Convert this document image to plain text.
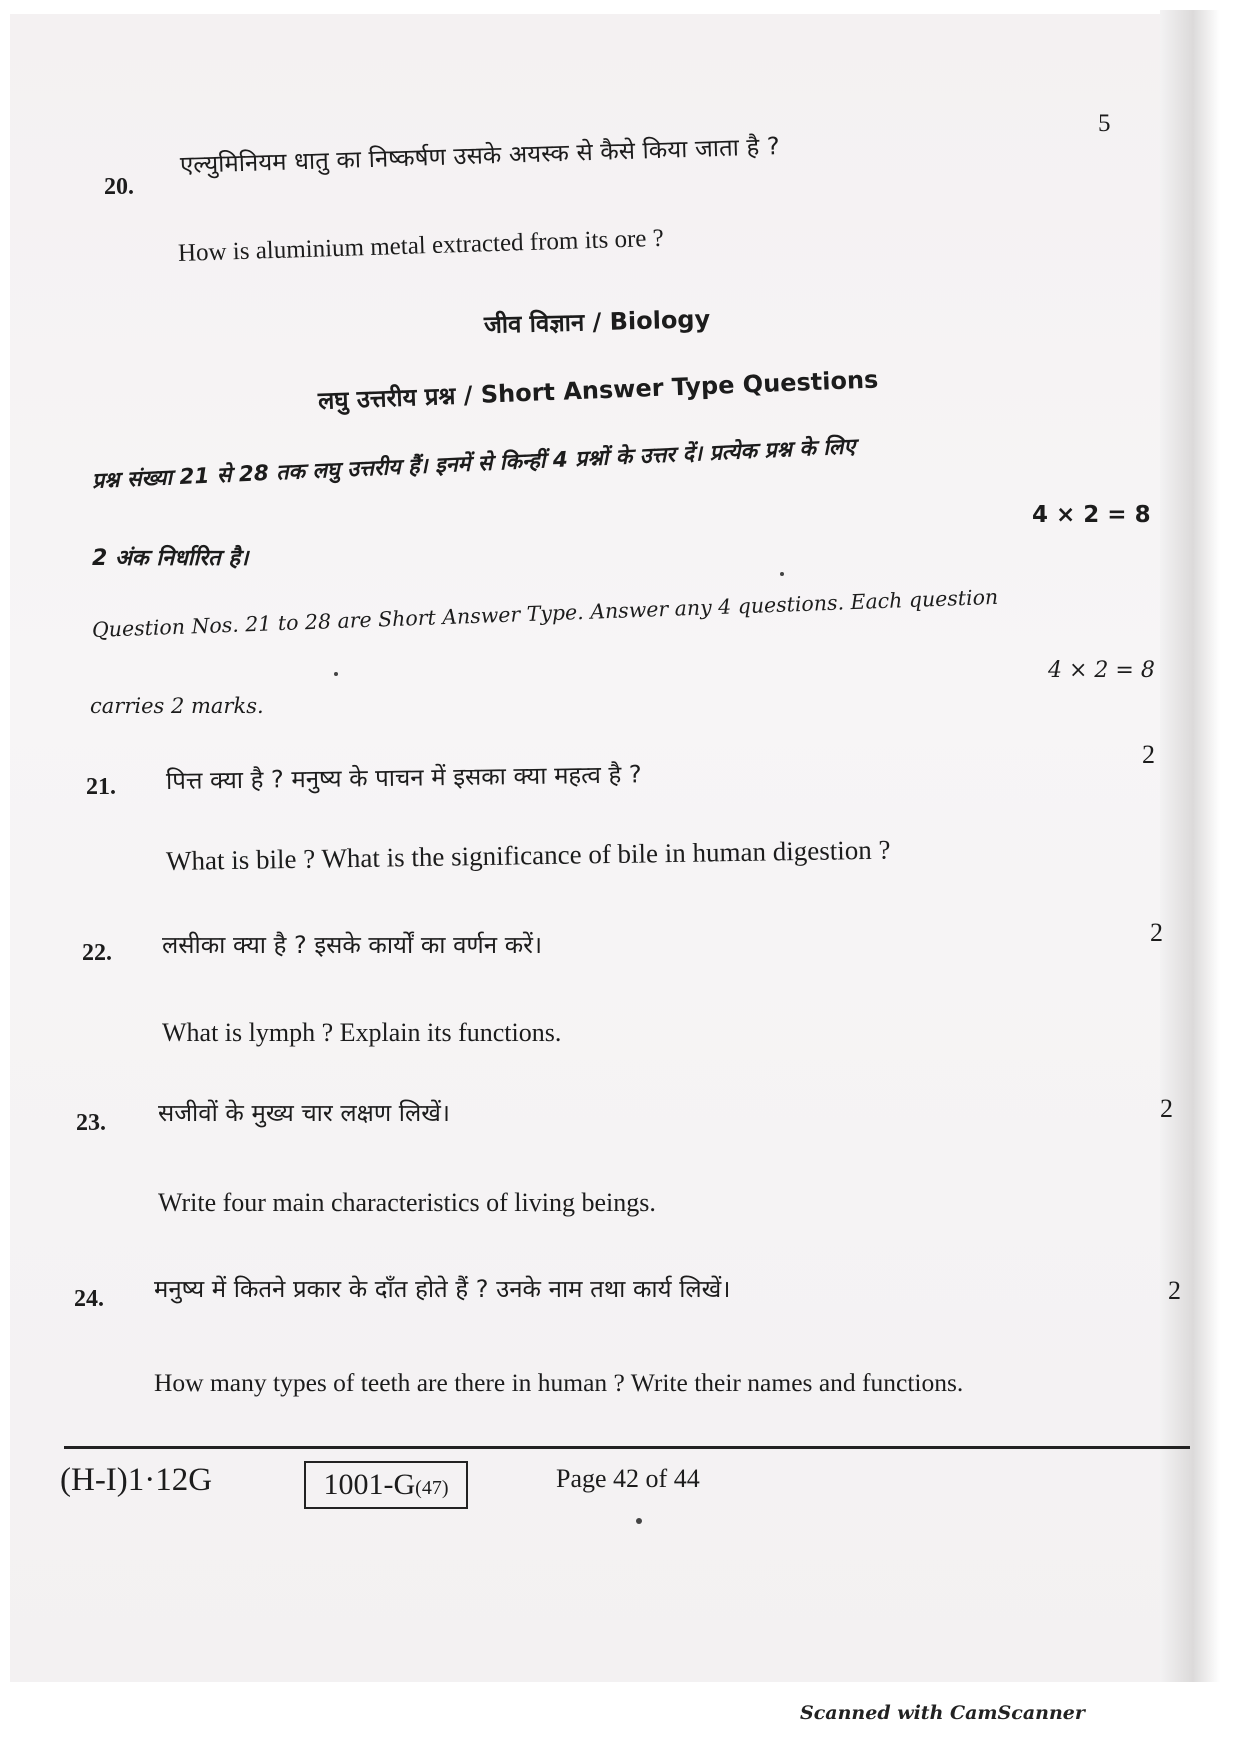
5
20.
एल्युमिनियम धातु का निष्कर्षण उसके अयस्क से कैसे किया जाता है ?
How is aluminium metal extracted from its ore ?
जीव विज्ञान / Biology
लघु उत्तरीय प्रश्न / Short Answer Type Questions
प्रश्न संख्या 21 से 28 तक लघु उत्तरीय हैं। इनमें से किन्हीं 4 प्रश्नों के उत्तर दें। प्रत्येक प्रश्न के लिए
4 × 2 = 8
2 अंक निर्धारित है।
Question Nos. 21 to 28 are Short Answer Type. Answer any 4 questions. Each question
4 × 2 = 8
carries 2 marks.
21. पित्त क्या है ? मनुष्य के पाचन में इसका क्या महत्व है ?
2
What is bile ? What is the significance of bile in human digestion ?
22. लसीका क्या है ? इसके कार्यों का वर्णन करें।	2
What is lymph ? Explain its functions.
23. सजीवों के मुख्य चार लक्षण लिखें।	2
Write four main characteristics of living beings.
24. मनुष्य में कितने प्रकार के दाँत होते हैं ? उनके नाम तथा कार्य लिखें।	2
How many types of teeth are there in human ? Write their names and functions.
(H-I)1·12G	1001-G(47)	Page 42 of 44
Scanned with CamScanner
